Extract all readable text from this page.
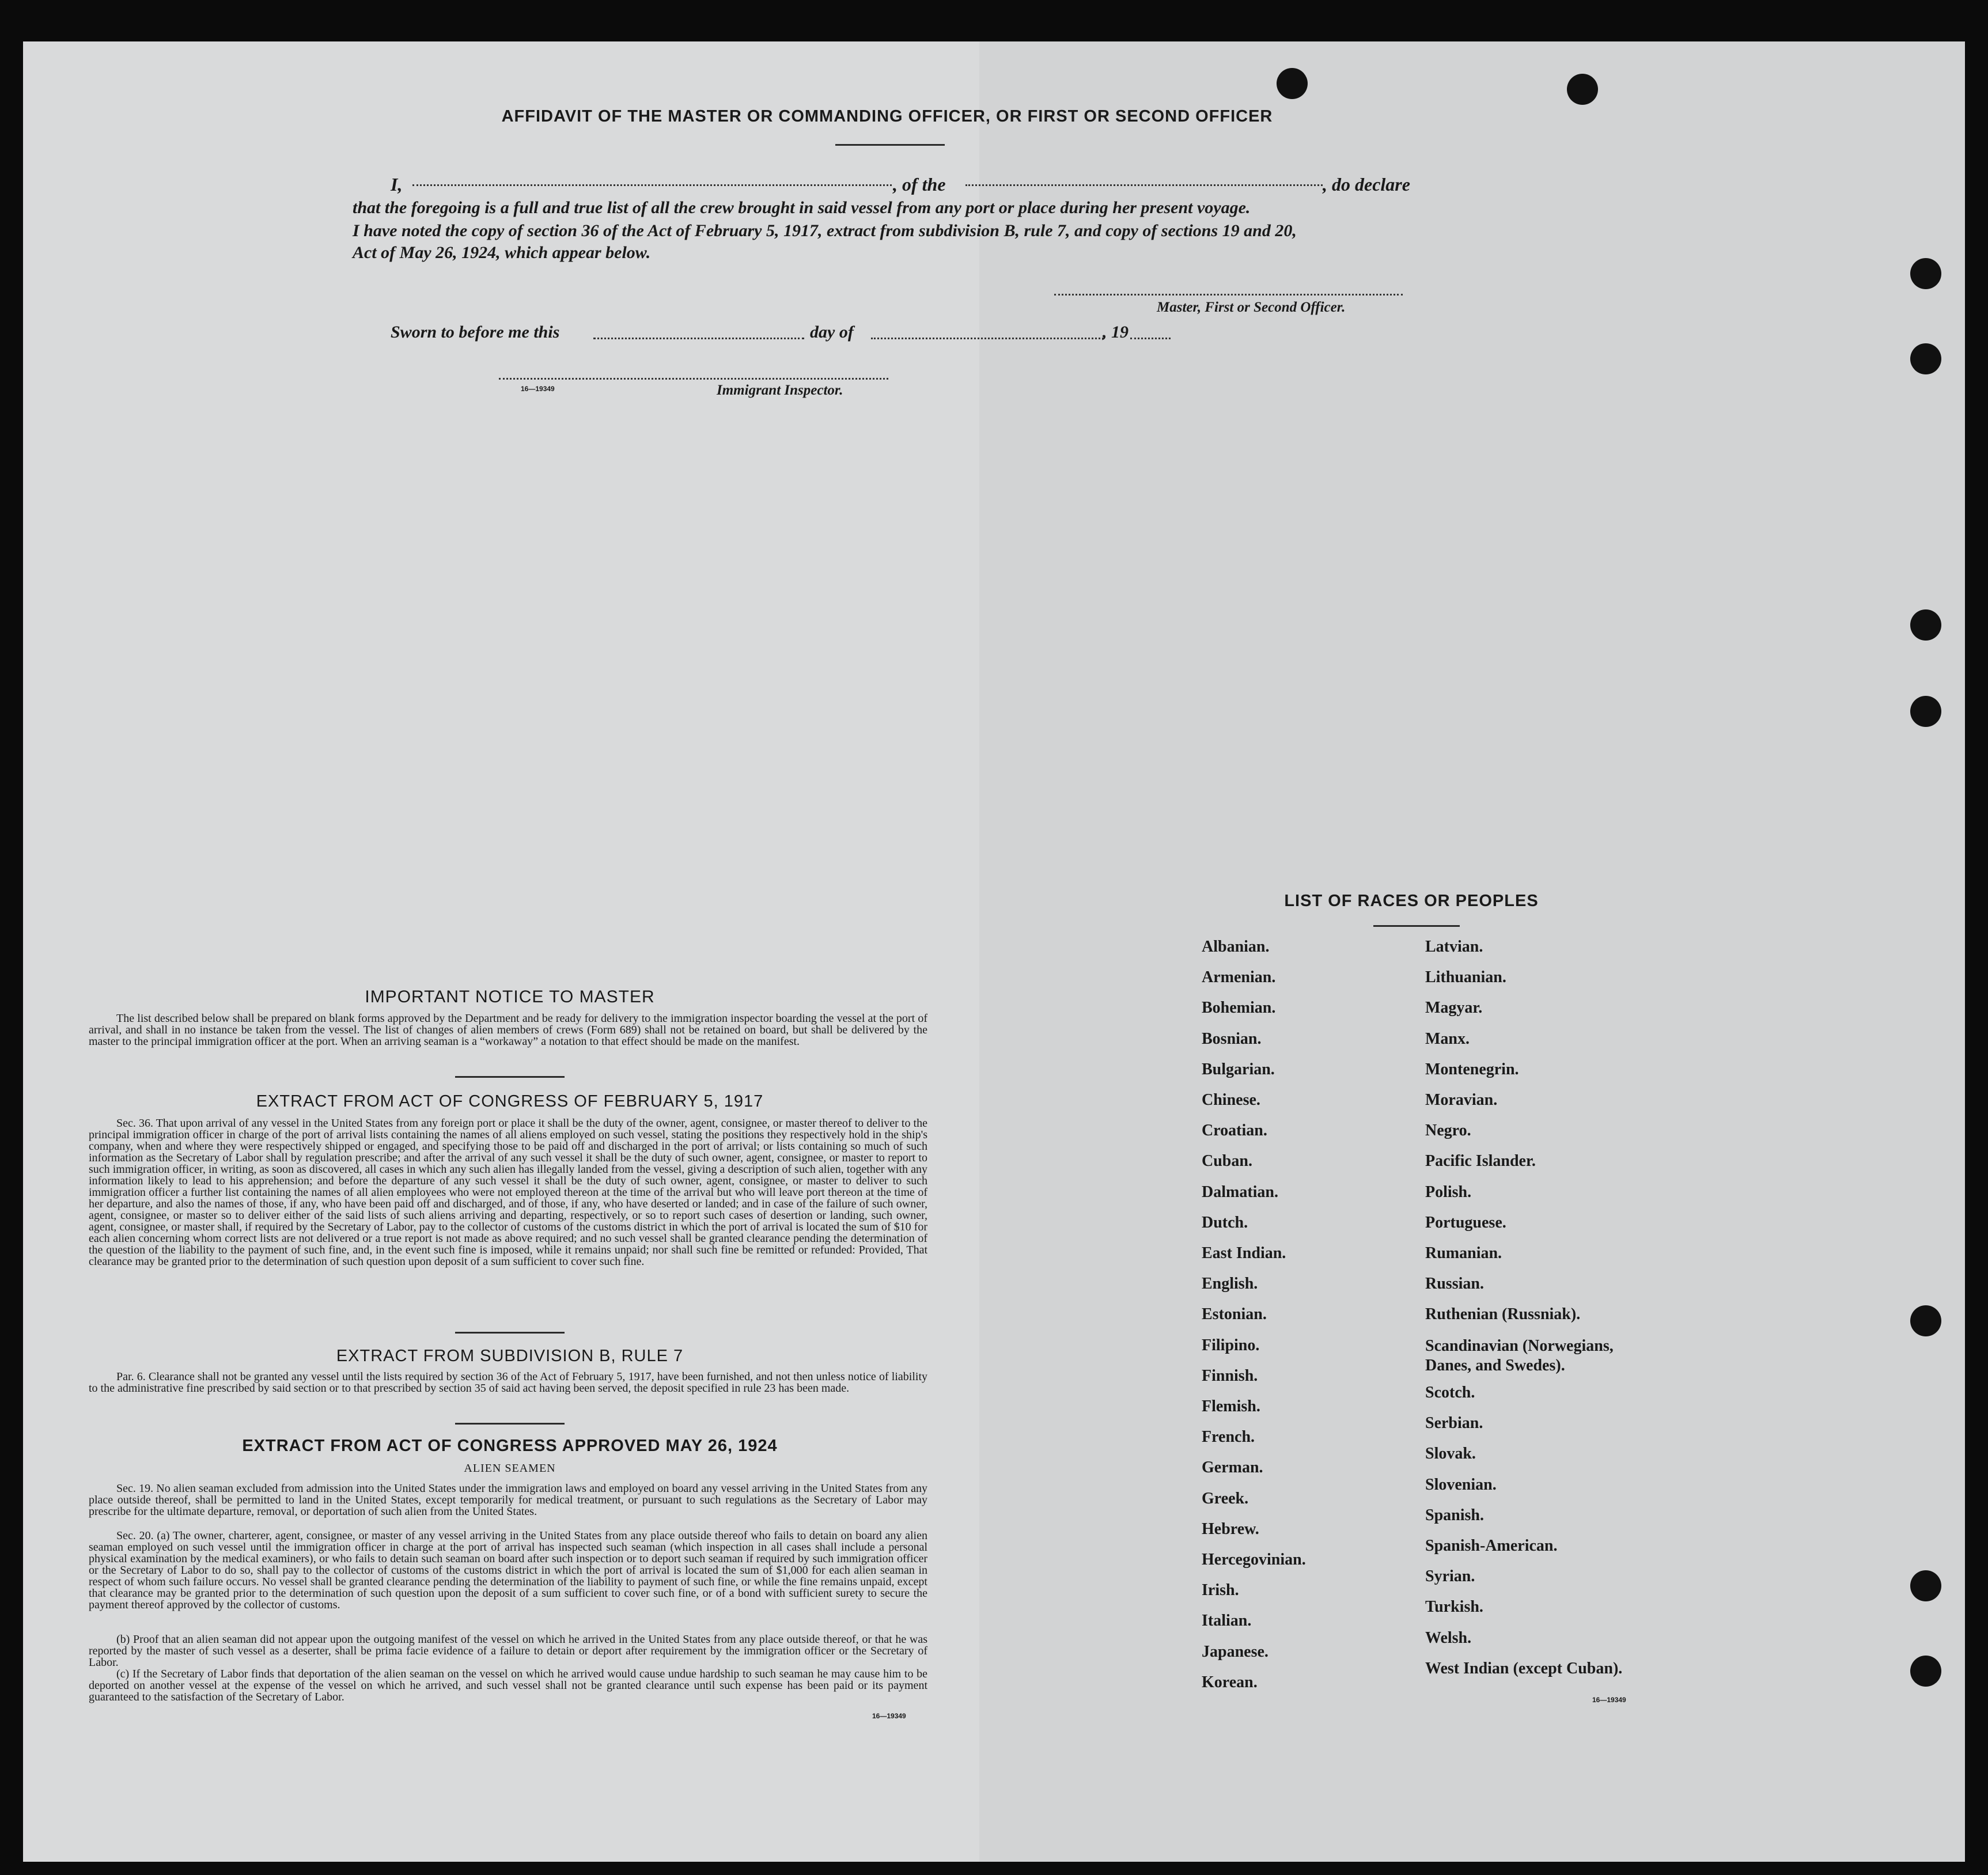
AFFIDAVIT OF THE MASTER OR COMMANDING OFFICER, OR FIRST OR SECOND OFFICER
I,	, of the	, do declare
that the foregoing is a full and true list of all the crew brought in said vessel from any port or place during her present voyage.
I have noted the copy of section 36 of the Act of February 5, 1917, extract from subdivision B, rule 7, and copy of sections 19 and 20,
Act of May 26, 1924, which appear below.
Master, First or Second Officer.
Sworn to before me this	day of	, 19
16—19349	Immigrant Inspector.
IMPORTANT NOTICE TO MASTER
The list described below shall be prepared on blank forms approved by the Department and be ready for delivery to the immigration inspector boarding the vessel at the port of arrival, and shall in no instance be taken from the vessel. The list of changes of alien members of crews (Form 689) shall not be retained on board, but shall be delivered by the master to the principal immigration officer at the port. When an arriving seaman is a “workaway” a notation to that effect should be made on the manifest.
EXTRACT FROM ACT OF CONGRESS OF FEBRUARY 5, 1917
Sec. 36. That upon arrival of any vessel in the United States from any foreign port or place it shall be the duty of the owner, agent, consignee, or master thereof to deliver to the principal immigration officer in charge of the port of arrival lists containing the names of all aliens employed on such vessel, stating the positions they respectively hold in the ship's company, when and where they were respectively shipped or engaged, and specifying those to be paid off and discharged in the port of arrival; or lists containing so much of such information as the Secretary of Labor shall by regulation prescribe; and after the arrival of any such vessel it shall be the duty of such owner, agent, consignee, or master to report to such immigration officer, in writing, as soon as discovered, all cases in which any such alien has illegally landed from the vessel, giving a description of such alien, together with any information likely to lead to his apprehension; and before the departure of any such vessel it shall be the duty of such owner, agent, consignee, or master to deliver to such immigration officer a further list containing the names of all alien employees who were not employed thereon at the time of the arrival but who will leave port thereon at the time of her departure, and also the names of those, if any, who have been paid off and discharged, and of those, if any, who have deserted or landed; and in case of the failure of such owner, agent, consignee, or master so to deliver either of the said lists of such aliens arriving and departing, respectively, or so to report such cases of desertion or landing, such owner, agent, consignee, or master shall, if required by the Secretary of Labor, pay to the collector of customs of the customs district in which the port of arrival is located the sum of $10 for each alien concerning whom correct lists are not delivered or a true report is not made as above required; and no such vessel shall be granted clearance pending the determination of the question of the liability to the payment of such fine, and, in the event such fine is imposed, while it remains unpaid; nor shall such fine be remitted or refunded: Provided, That clearance may be granted prior to the determination of such question upon deposit of a sum sufficient to cover such fine.
EXTRACT FROM SUBDIVISION B, RULE 7
Par. 6. Clearance shall not be granted any vessel until the lists required by section 36 of the Act of February 5, 1917, have been furnished, and not then unless notice of liability to the administrative fine prescribed by said section or to that prescribed by section 35 of said act having been served, the deposit specified in rule 23 has been made.
EXTRACT FROM ACT OF CONGRESS APPROVED MAY 26, 1924
ALIEN SEAMEN
Sec. 19. No alien seaman excluded from admission into the United States under the immigration laws and employed on board any vessel arriving in the United States from any place outside thereof, shall be permitted to land in the United States, except temporarily for medical treatment, or pursuant to such regulations as the Secretary of Labor may prescribe for the ultimate departure, removal, or deportation of such alien from the United States.
Sec. 20. (a) The owner, charterer, agent, consignee, or master of any vessel arriving in the United States from any place outside thereof who fails to detain on board any alien seaman employed on such vessel until the immigration officer in charge at the port of arrival has inspected such seaman (which inspection in all cases shall include a personal physical examination by the medical examiners), or who fails to detain such seaman on board after such inspection or to deport such seaman if required by such immigration officer or the Secretary of Labor to do so, shall pay to the collector of customs of the customs district in which the port of arrival is located the sum of $1,000 for each alien seaman in respect of whom such failure occurs. No vessel shall be granted clearance pending the determination of the liability to payment of such fine, or while the fine remains unpaid, except that clearance may be granted prior to the determination of such question upon the deposit of a sum sufficient to cover such fine, or of a bond with sufficient surety to secure the payment thereof approved by the collector of customs.
(b) Proof that an alien seaman did not appear upon the outgoing manifest of the vessel on which he arrived in the United States from any place outside thereof, or that he was reported by the master of such vessel as a deserter, shall be prima facie evidence of a failure to detain or deport after requirement by the immigration officer or the Secretary of Labor.
(c) If the Secretary of Labor finds that deportation of the alien seaman on the vessel on which he arrived would cause undue hardship to such seaman he may cause him to be deported on another vessel at the expense of the vessel on which he arrived, and such vessel shall not be granted clearance until such expense has been paid or its payment guaranteed to the satisfaction of the Secretary of Labor.
16—19349
LIST OF RACES OR PEOPLES
Albanian.
Armenian.
Bohemian.
Bosnian.
Bulgarian.
Chinese.
Croatian.
Cuban.
Dalmatian.
Dutch.
East Indian.
English.
Estonian.
Filipino.
Finnish.
Flemish.
French.
German.
Greek.
Hebrew.
Hercegovinian.
Irish.
Italian.
Japanese.
Korean.
Latvian.
Lithuanian.
Magyar.
Manx.
Montenegrin.
Moravian.
Negro.
Pacific Islander.
Polish.
Portuguese.
Rumanian.
Russian.
Ruthenian (Russniak).
Scandinavian (Norwegians, Danes, and Swedes).
Scotch.
Serbian.
Slovak.
Slovenian.
Spanish.
Spanish-American.
Syrian.
Turkish.
Welsh.
West Indian (except Cuban).
16—19349
